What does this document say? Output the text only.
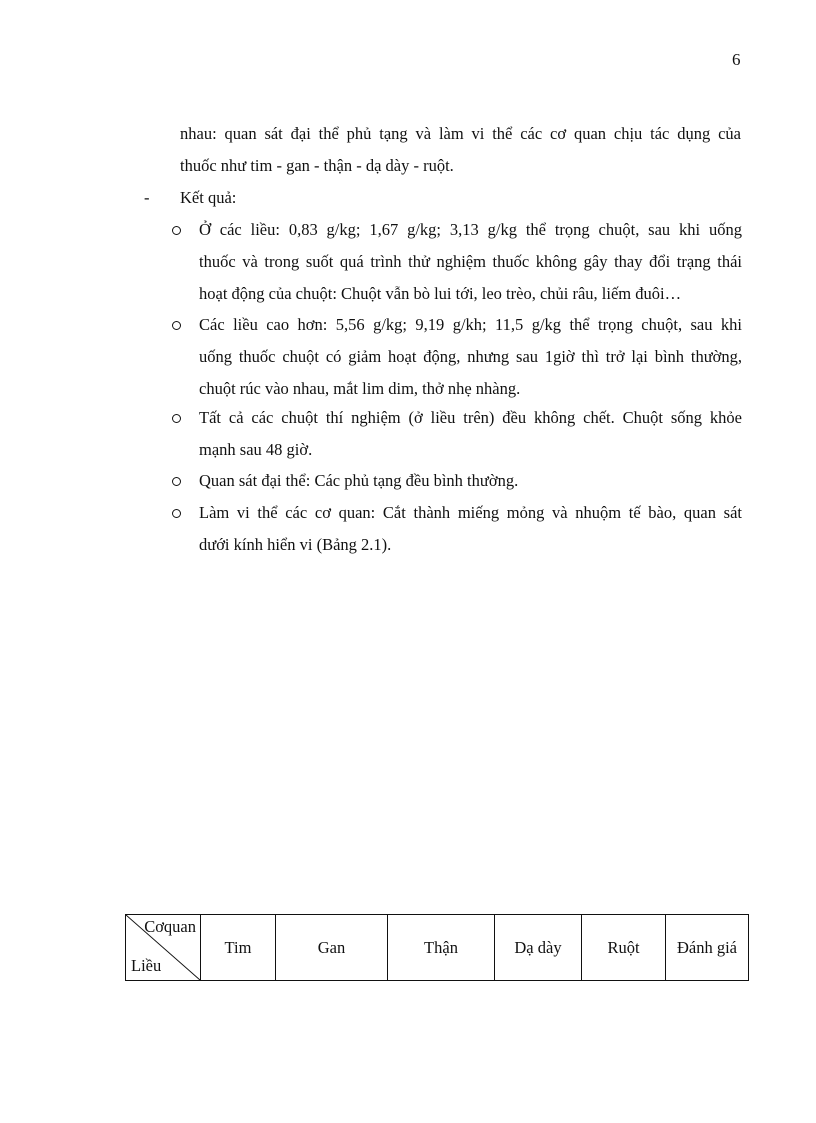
6
nhau: quan sát đại thể phủ tạng và làm vi thể các cơ quan chịu tác dụng của
thuốc như tim - gan - thận - dạ dày - ruột.
- Kết quả:
Ở các liều: 0,83 g/kg; 1,67 g/kg; 3,13 g/kg thể trọng chuột, sau khi uống
thuốc và trong suốt quá trình thử nghiệm thuốc không gây thay đổi trạng thái
hoạt động của chuột: Chuột vẫn bò lui tới, leo trèo, chủi râu, liếm đuôi…
Các liều cao hơn: 5,56 g/kg; 9,19 g/kh; 11,5 g/kg thể trọng chuột, sau khi
uống thuốc chuột có giảm hoạt động, nhưng sau 1giờ thì trở lại bình thường,
chuột rúc vào nhau, mắt lim dim, thở nhẹ nhàng.
Tất cả các chuột thí nghiệm (ở liều trên) đều không chết. Chuột sống khỏe
mạnh sau 48 giờ.
Quan sát đại thể: Các phủ tạng đều bình thường.
Làm vi thể các cơ quan: Cắt thành miếng mỏng và nhuộm tế bào, quan sát
dưới kính hiển vi (Bảng 2.1).
Cơquan
Liều
	Tim	Gan	Thận	Dạ dày	Ruột	Đánh giá
